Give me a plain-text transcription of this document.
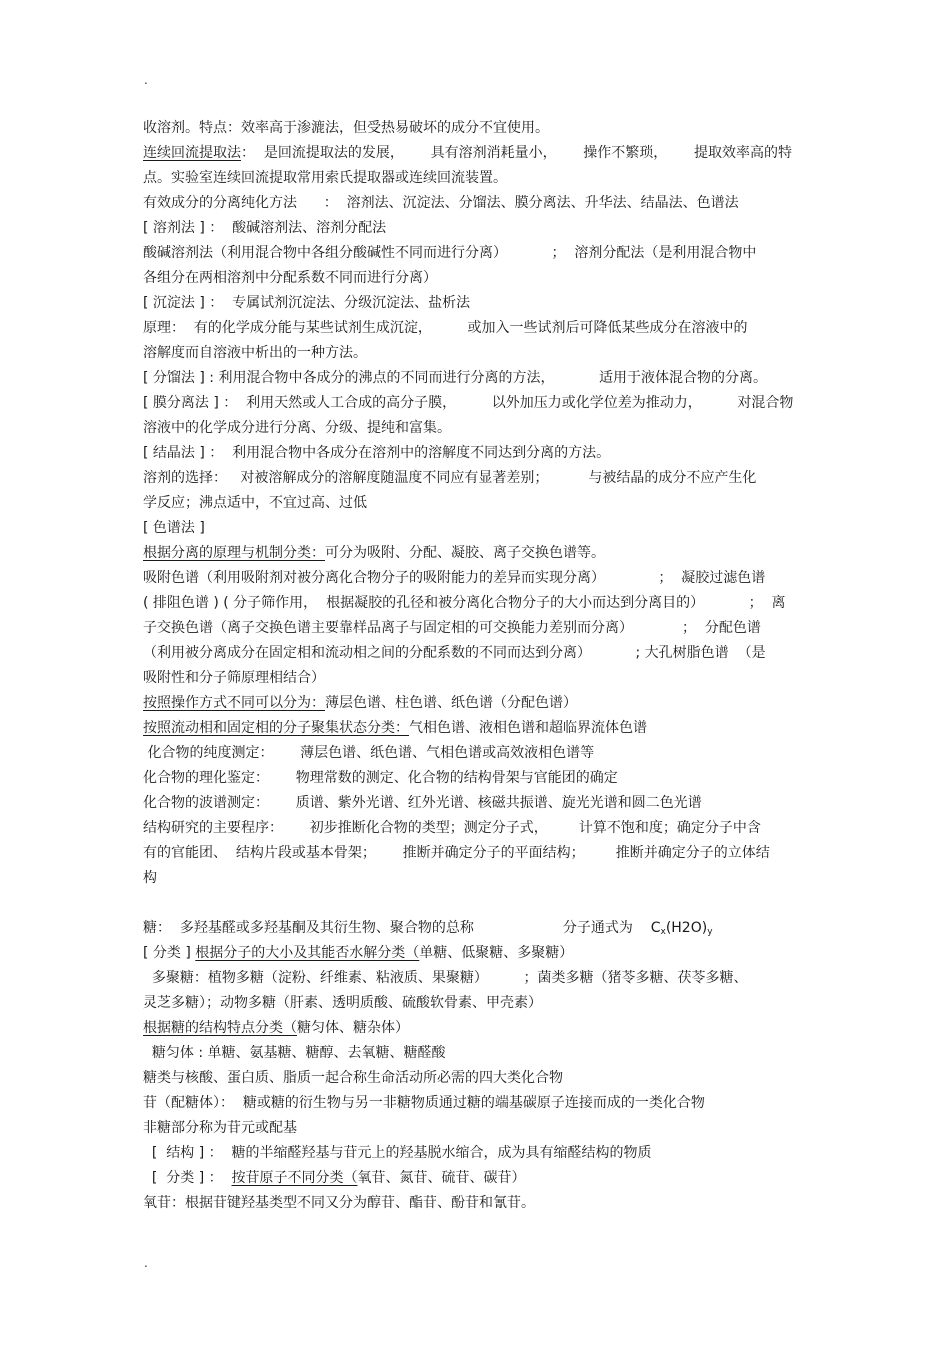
.
收溶剂。特点：效率高于渗漉法，但受热易破坏的成分不宜使用。
连续回流提取法：  是回流提取法的发展，      具有溶剂消耗量小，      操作不繁琐，      提取效率高的特
点。实验室连续回流提取常用索氏提取器或连续回流装置。
有效成分的分离纯化方法      ：  溶剂法、沉淀法、分馏法、膜分离法、升华法、结晶法、色谱法
[ 溶剂法 ] ：  酸碱溶剂法、溶剂分配法
酸碱溶剂法（利用混合物中各组分酸碱性不同而进行分离）          ；  溶剂分配法（是利用混合物中
各组分在两相溶剂中分配系数不同而进行分离）
[ 沉淀法 ] ：  专属试剂沉淀法、分级沉淀法、盐析法
原理：  有的化学成分能与某些试剂生成沉淀，        或加入一些试剂后可降低某些成分在溶液中的
溶解度而自溶液中析出的一种方法。
[ 分馏法 ] : 利用混合物中各成分的沸点的不同而进行分离的方法，          适用于液体混合物的分离。
[ 膜分离法 ] ：  利用天然或人工合成的高分子膜，        以外加压力或化学位差为推动力，        对混合物
溶液中的化学成分进行分离、分级、提纯和富集。
[ 结晶法 ] ：  利用混合物中各成分在溶剂中的溶解度不同达到分离的方法。
溶剂的选择：   对被溶解成分的溶解度随温度不同应有显著差别；         与被结晶的成分不应产生化
学反应；沸点适中，不宜过高、过低
[ 色谱法 ]
根据分离的原理与机制分类：可分为吸附、分配、凝胶、离子交换色谱等。
吸附色谱（利用吸附剂对被分离化合物分子的吸附能力的差异而实现分离）            ；  凝胶过滤色谱
( 排阻色谱 ) ( 分子筛作用，  根据凝胶的孔径和被分离化合物分子的大小而达到分离目的）          ；  离
子交换色谱（离子交换色谱主要靠样品离子与固定相的可交换能力差别而分离）           ；  分配色谱
（利用被分离成分在固定相和流动相之间的分配系数的不同而达到分离）          ; 大孔树脂色谱  （是
吸附性和分子筛原理相结合）
按照操作方式不同可以分为：薄层色谱、柱色谱、纸色谱（分配色谱）
按照流动相和固定相的分子聚集状态分类：气相色谱、液相色谱和超临界流体色谱
化合物的纯度测定：      薄层色谱、纸色谱、气相色谱或高效液相色谱等
化合物的理化鉴定：      物理常数的测定、化合物的结构骨架与官能团的确定
化合物的波谱测定：      质谱、紫外光谱、红外光谱、核磁共振谱、旋光光谱和圆二色光谱
结构研究的主要程序：      初步推断化合物的类型；测定分子式，       计算不饱和度；确定分子中含
有的官能团、  结构片段或基本骨架；      推断并确定分子的平面结构；       推断并确定分子的立体结
构
糖：  多羟基醛或多羟基酮及其衍生物、聚合物的总称                    分子通式为    $C_x(H2O)_y$
[ 分类 ] 根据分子的大小及其能否水解分类（单糖、低聚糖、多聚糖）
多聚糖：植物多糖（淀粉、纤维素、粘液质、果聚糖）        ；菌类多糖（猪苓多糖、茯苓多糖、
灵芝多糖）；动物多糖（肝素、透明质酸、硫酸软骨素、甲壳素）
根据糖的结构特点分类（糖匀体、糖杂体）
糖匀体 : 单糖、氨基糖、糖醇、去氧糖、糖醛酸
糖类与核酸、蛋白质、脂质一起合称生命活动所必需的四大类化合物
苷（配糖体）：  糖或糖的衍生物与另一非糖物质通过糖的端基碳原子连接而成的一类化合物
非糖部分称为苷元或配基
[  结构 ] ：  糖的半缩醛羟基与苷元上的羟基脱水缩合，成为具有缩醛结构的物质
[  分类 ] ：  按苷原子不同分类（氧苷、氮苷、硫苷、碳苷）
氧苷：根据苷键羟基类型不同又分为醇苷、酯苷、酚苷和氰苷。
.
